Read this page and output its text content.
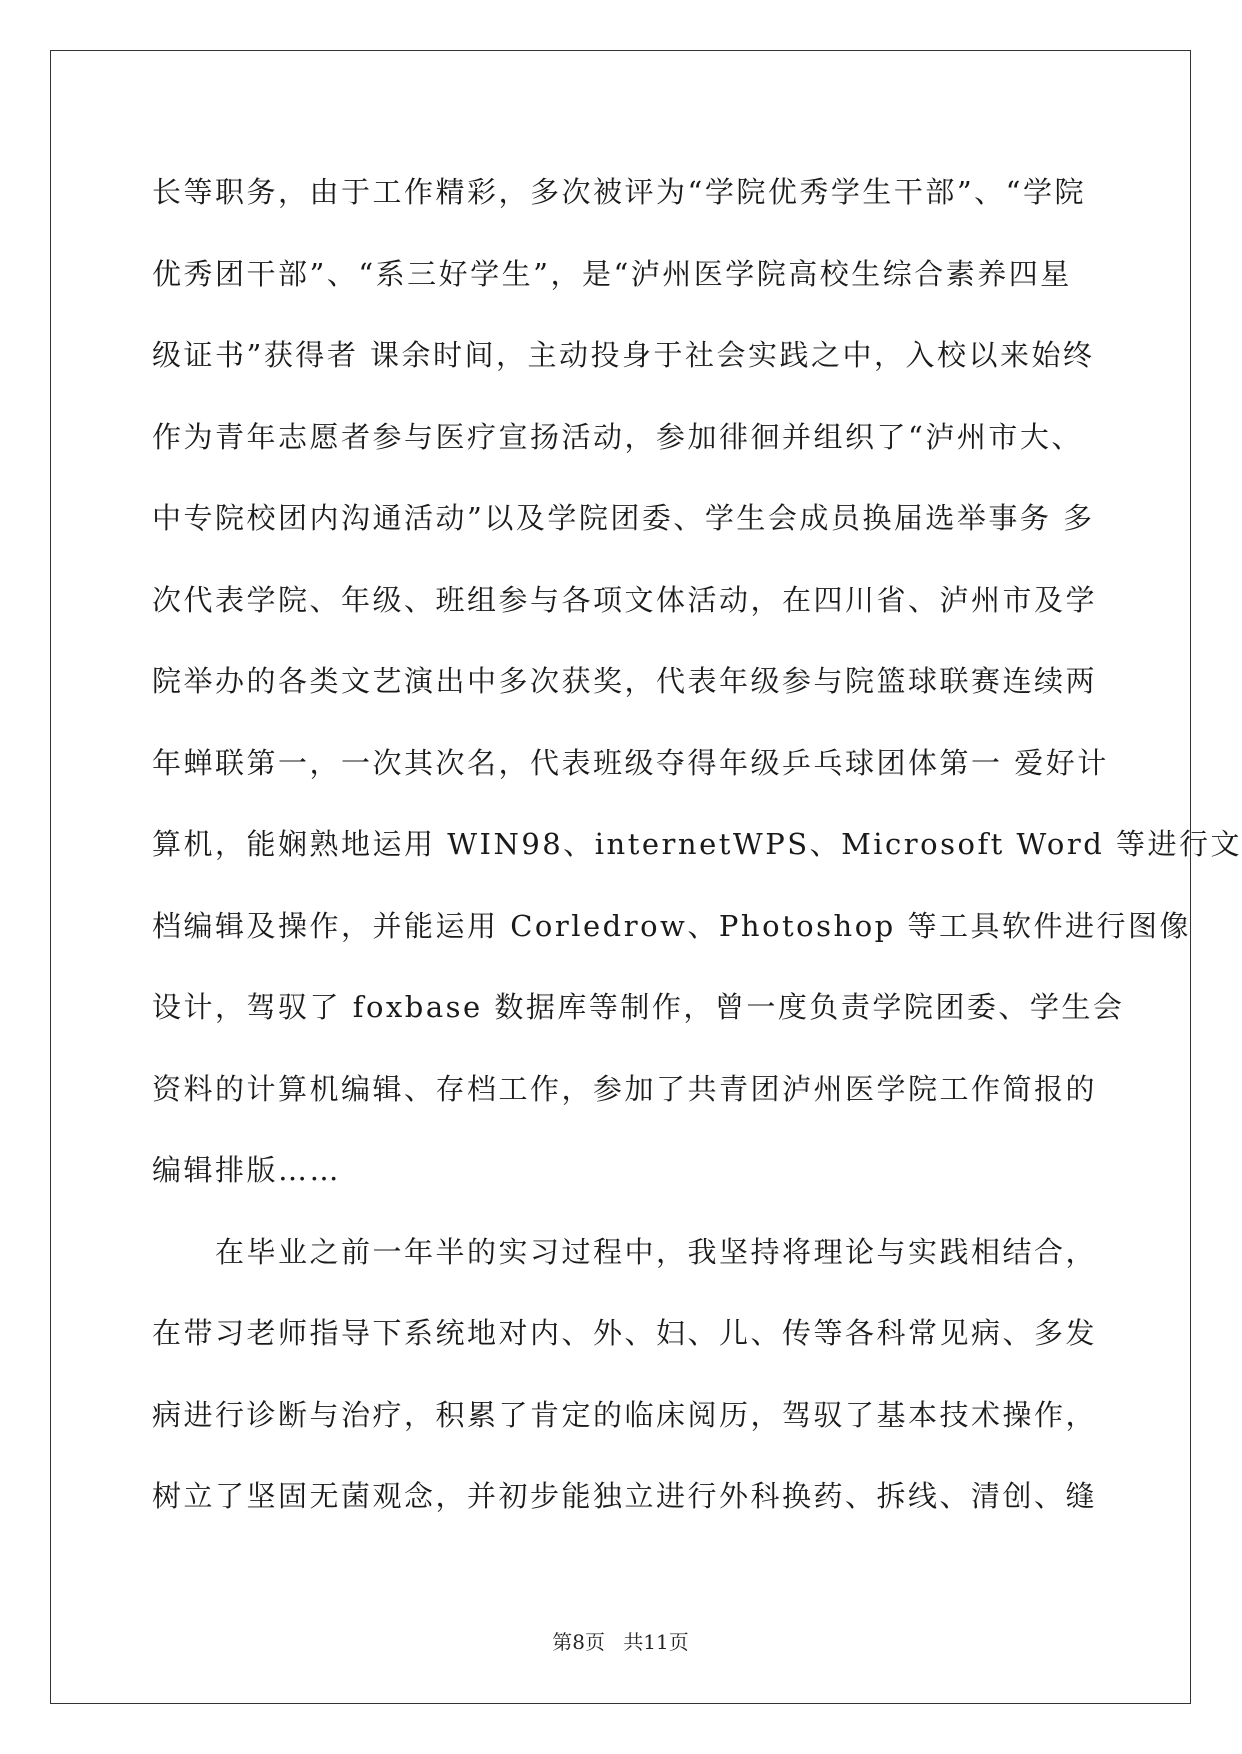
长等职务，由于工作精彩，多次被评为“学院优秀学生干部”、“学院
优秀团干部”、“系三好学生”，是“泸州医学院高校生综合素养四星
级证书”获得者 课余时间，主动投身于社会实践之中，入校以来始终
作为青年志愿者参与医疗宣扬活动，参加徘徊并组织了“泸州市大、
中专院校团内沟通活动”以及学院团委、学生会成员换届选举事务 多
次代表学院、年级、班组参与各项文体活动，在四川省、泸州市及学
院举办的各类文艺演出中多次获奖，代表年级参与院篮球联赛连续两
年蝉联第一，一次其次名，代表班级夺得年级乒乓球团体第一 爱好计
算机，能娴熟地运用 WIN98、internetWPS、Microsoft Word 等进行文
档编辑及操作，并能运用 Corledrow、Photoshop 等工具软件进行图像
设计，驾驭了 foxbase 数据库等制作，曾一度负责学院团委、学生会
资料的计算机编辑、存档工作，参加了共青团泸州医学院工作简报的
编辑排版……
在毕业之前一年半的实习过程中，我坚持将理论与实践相结合，
在带习老师指导下系统地对内、外、妇、儿、传等各科常见病、多发
病进行诊断与治疗，积累了肯定的临床阅历，驾驭了基本技术操作，
树立了坚固无菌观念，并初步能独立进行外科换药、拆线、清创、缝
第8页 共11页
